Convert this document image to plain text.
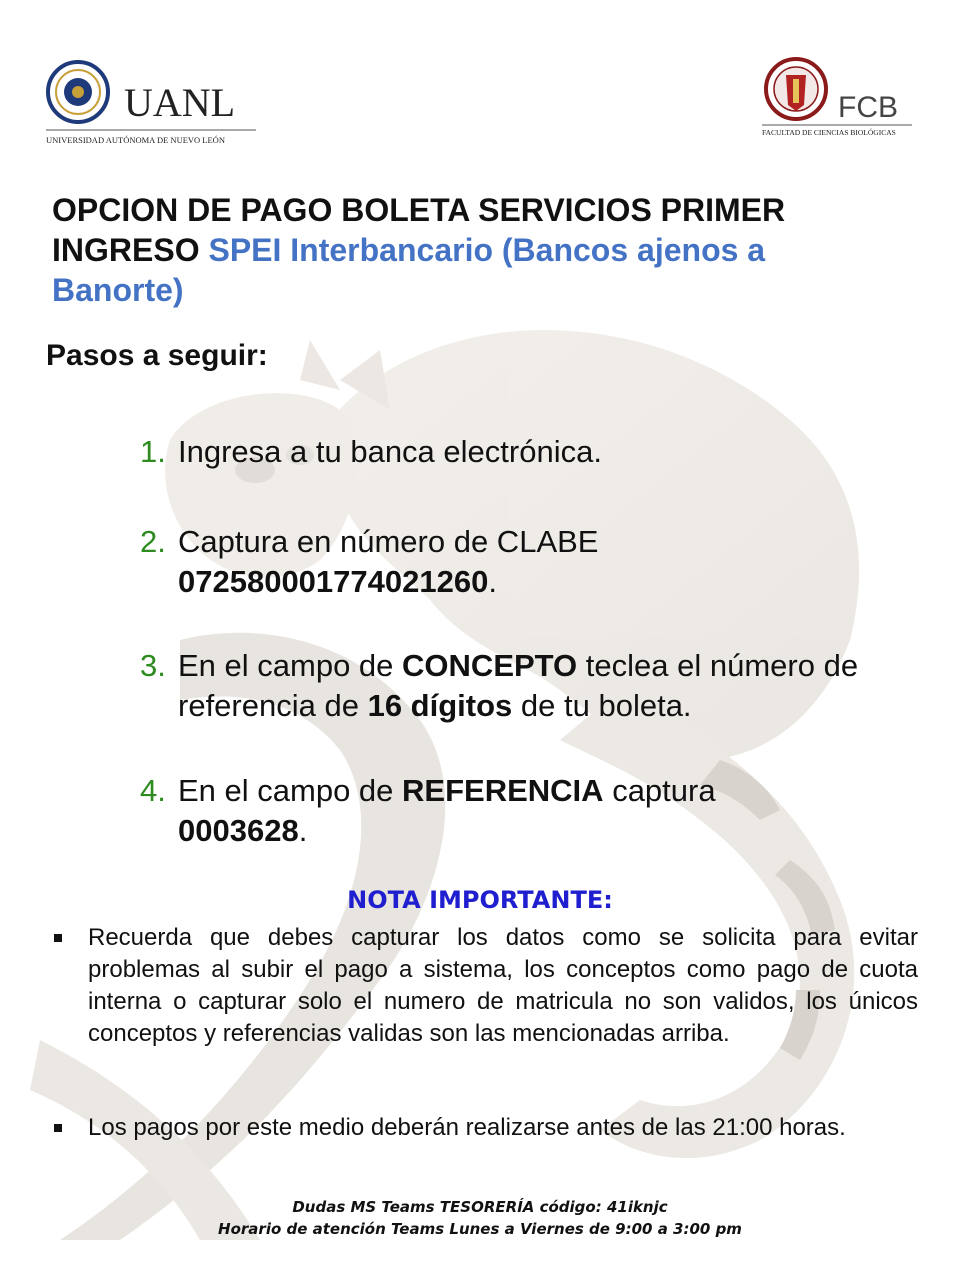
UANL
UNIVERSIDAD AUTÓNOMA DE NUEVO LEÓN
FCB
FACULTAD DE CIENCIAS BIOLÓGICAS
OPCION DE PAGO BOLETA SERVICIOS PRIMER INGRESO SPEI Interbancario (Bancos ajenos a Banorte)
Pasos a seguir:
1. Ingresa a tu banca electrónica.
2. Captura en número de CLABE
072580001774021260.
3. En el campo de CONCEPTO teclea el número de referencia de 16 dígitos de tu boleta.
4. En el campo de REFERENCIA captura
0003628.
NOTA IMPORTANTE:
Recuerda que debes capturar los datos como se solicita para evitar problemas al subir el pago a sistema, los conceptos como pago de cuota interna o capturar solo el numero de matricula no son validos, los únicos conceptos y referencias validas son las mencionadas arriba.
Los pagos por este medio deberán realizarse antes de las 21:00 horas.
Dudas MS Teams TESORERÍA código: 41iknjc
Horario de atención Teams Lunes a Viernes de 9:00 a 3:00 pm
